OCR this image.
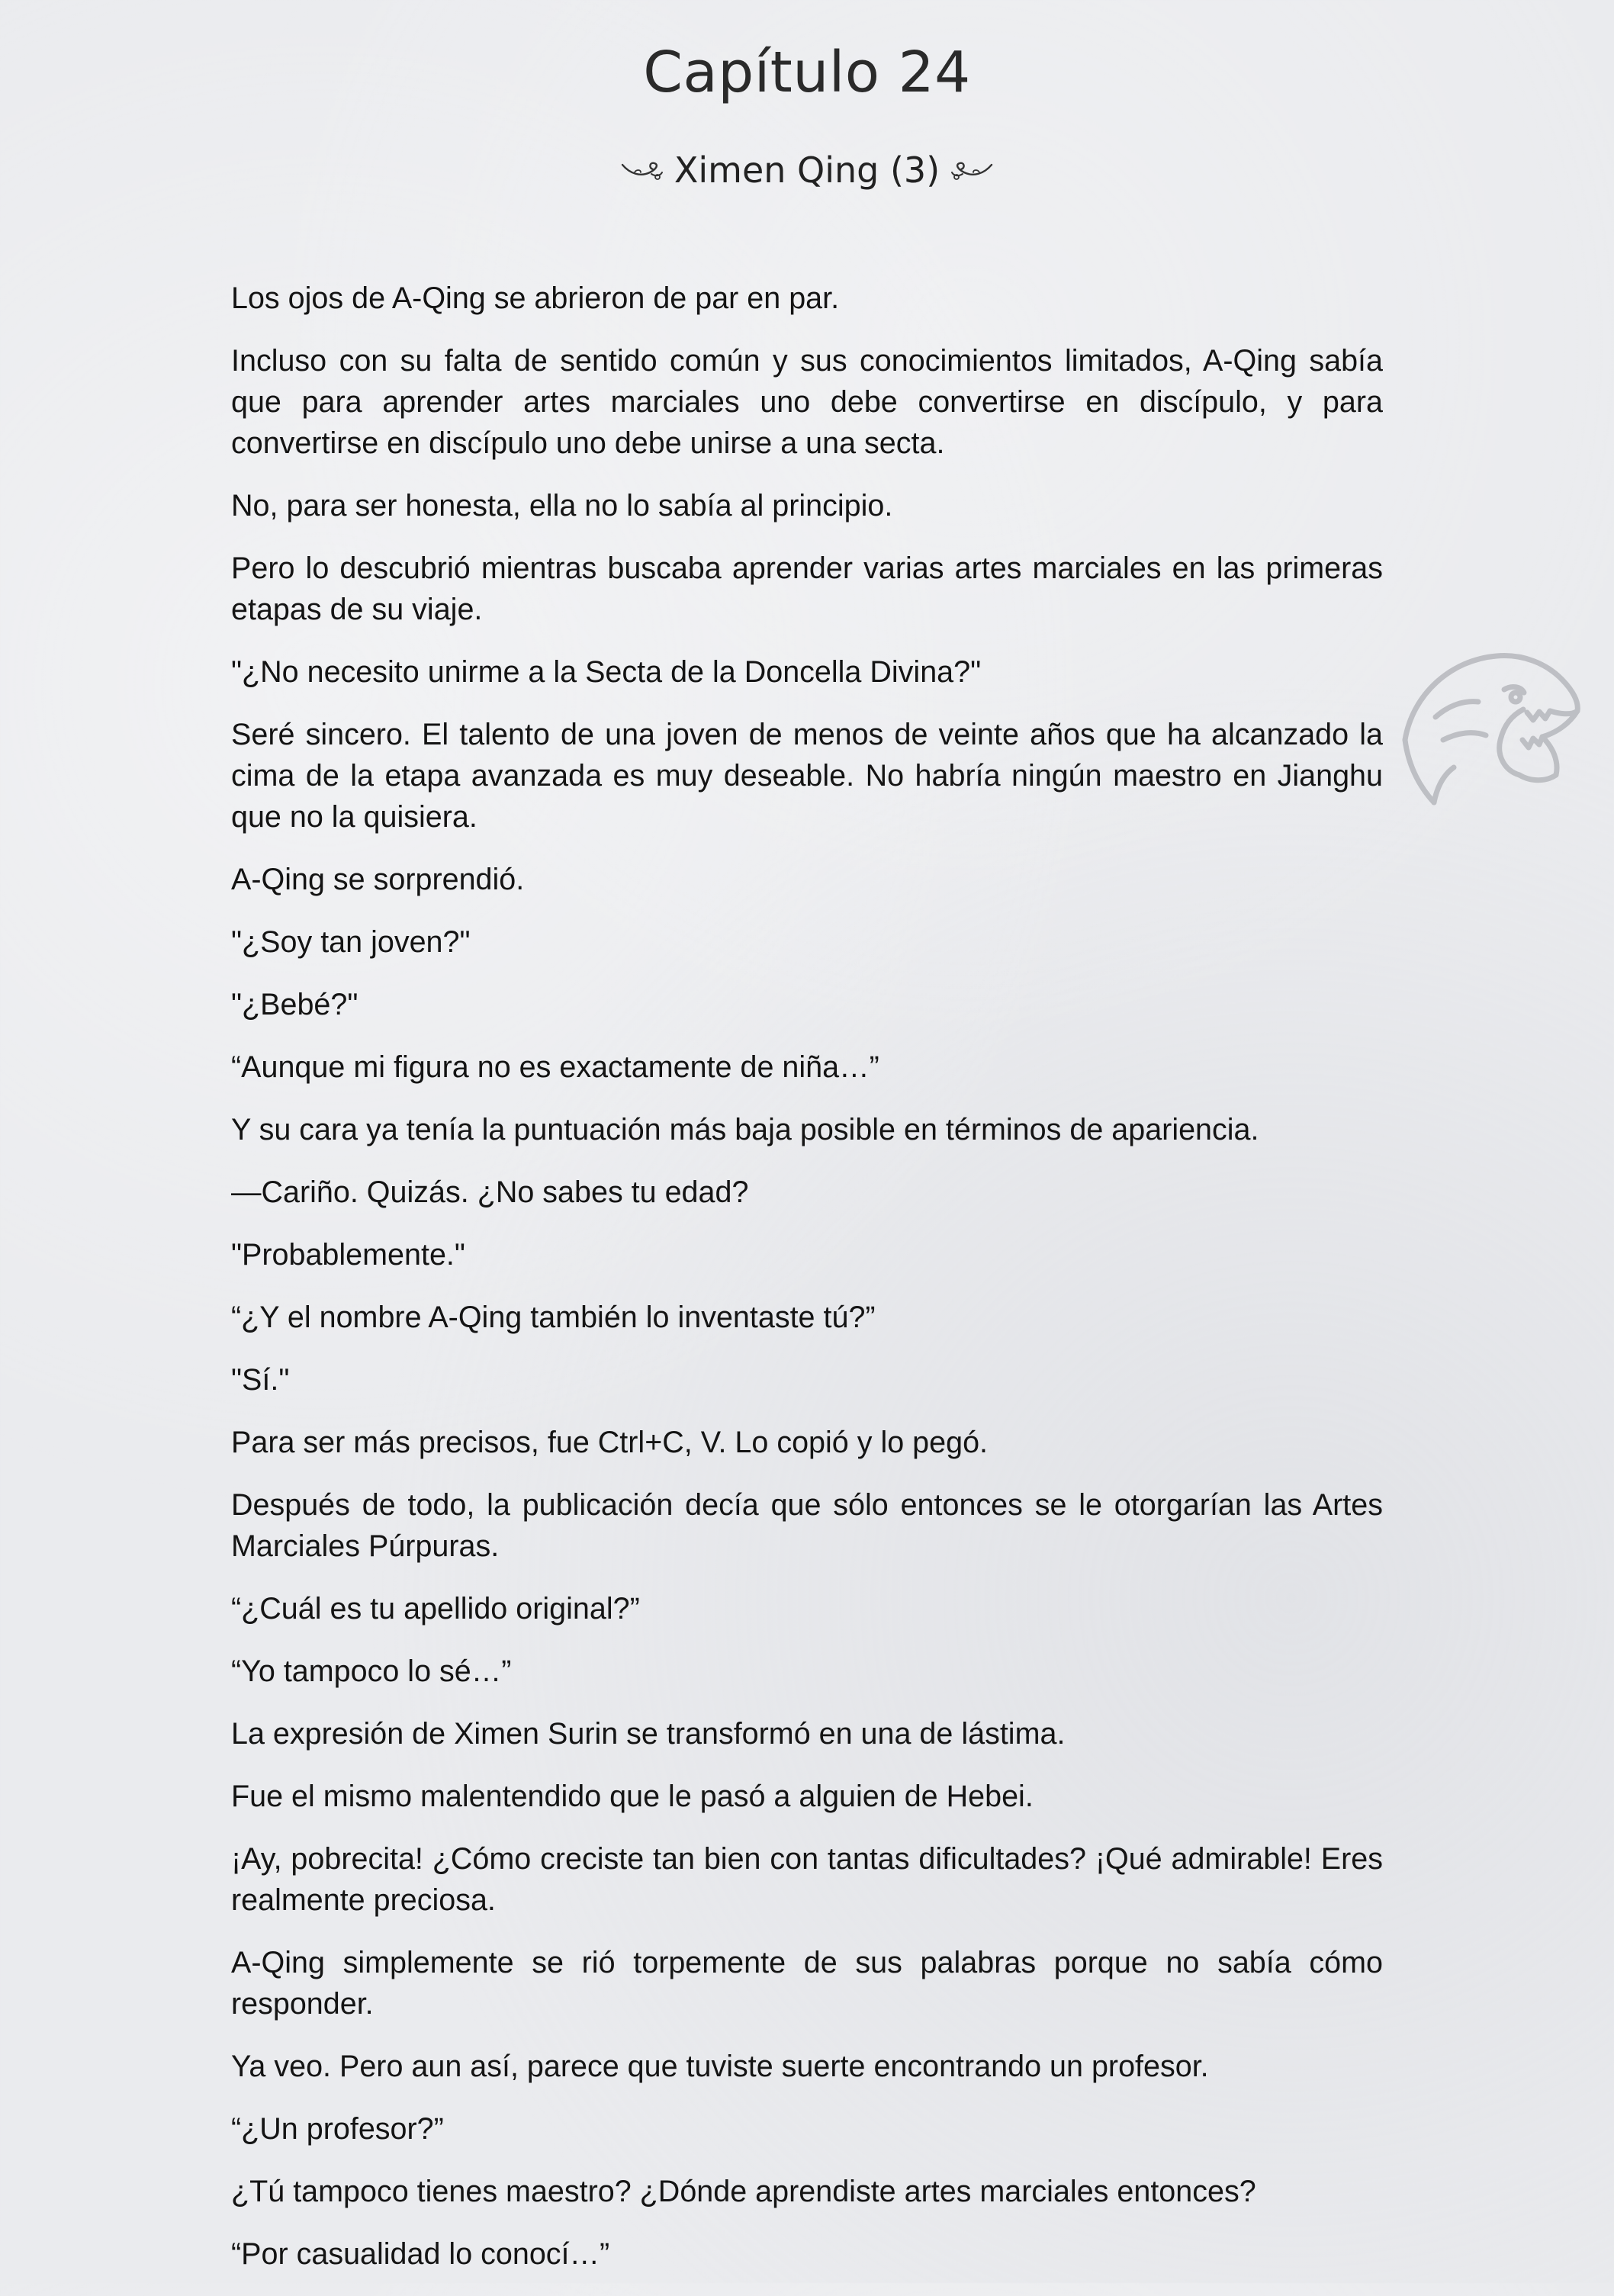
Capítulo 24
Ximen Qing (3)

Los ojos de A-Qing se abrieron de par en par.

Incluso con su falta de sentido común y sus conocimientos limitados, A-Qing sabía que para aprender artes marciales uno debe convertirse en discípulo, y para convertirse en discípulo uno debe unirse a una secta.

No, para ser honesta, ella no lo sabía al principio.

Pero lo descubrió mientras buscaba aprender varias artes marciales en las primeras etapas de su viaje.

"¿No necesito unirme a la Secta de la Doncella Divina?"

Seré sincero. El talento de una joven de menos de veinte años que ha alcanzado la cima de la etapa avanzada es muy deseable. No habría ningún maestro en Jianghu que no la quisiera.

A-Qing se sorprendió.

"¿Soy tan joven?"

"¿Bebé?"

“Aunque mi figura no es exactamente de niña…”

Y su cara ya tenía la puntuación más baja posible en términos de apariencia.

—Cariño. Quizás. ¿No sabes tu edad?

"Probablemente."

“¿Y el nombre A-Qing también lo inventaste tú?”

"Sí."

Para ser más precisos, fue Ctrl+C, V. Lo copió y lo pegó.

Después de todo, la publicación decía que sólo entonces se le otorgarían las Artes Marciales Púrpuras.

“¿Cuál es tu apellido original?”

“Yo tampoco lo sé…”

La expresión de Ximen Surin se transformó en una de lástima.

Fue el mismo malentendido que le pasó a alguien de Hebei.

¡Ay, pobrecita! ¿Cómo creciste tan bien con tantas dificultades? ¡Qué admirable! Eres realmente preciosa.

A-Qing simplemente se rió torpemente de sus palabras porque no sabía cómo responder.

Ya veo. Pero aun así, parece que tuviste suerte encontrando un profesor.

“¿Un profesor?”

¿Tú tampoco tienes maestro? ¿Dónde aprendiste artes marciales entonces?

“Por casualidad lo conocí…”
